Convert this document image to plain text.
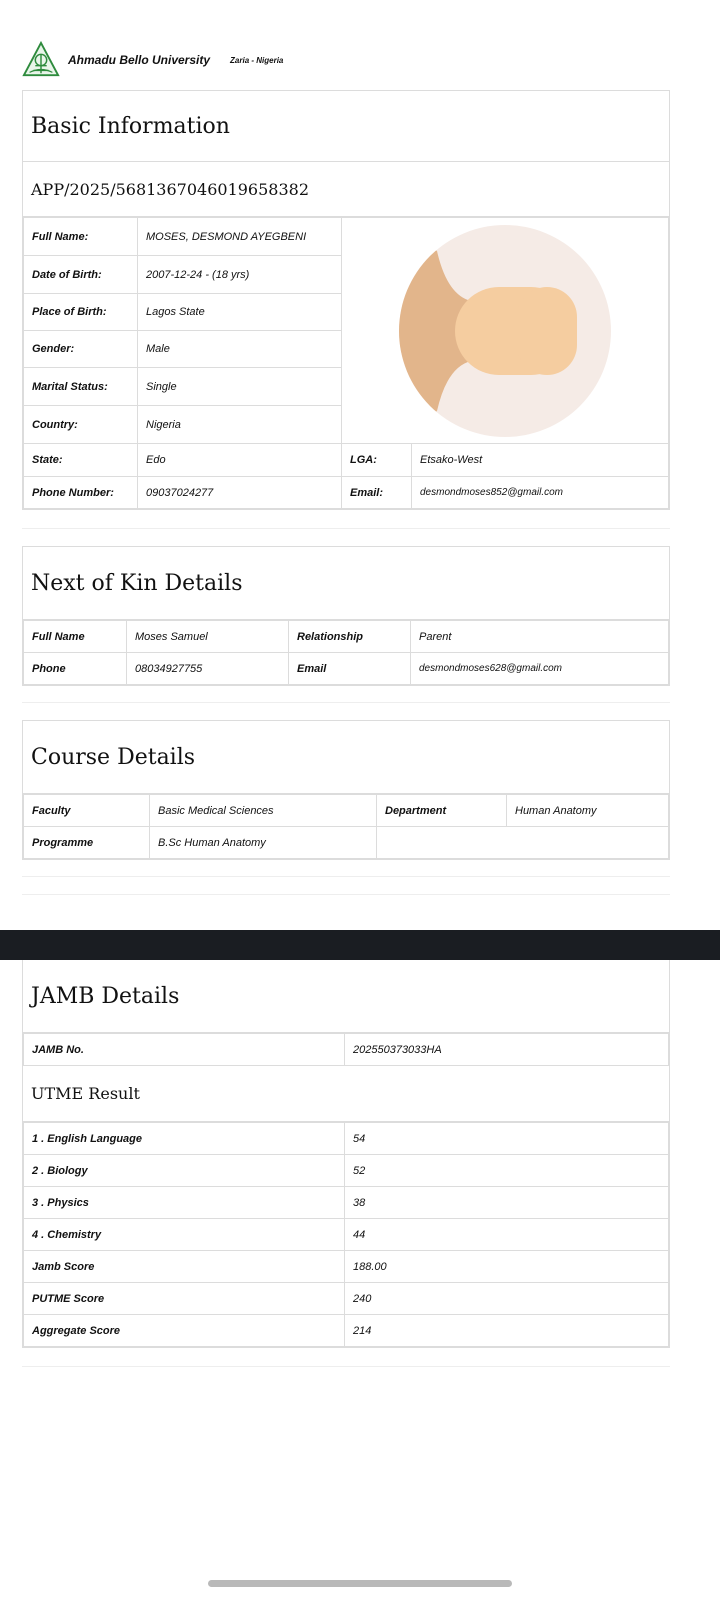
Ahmadu Bello University	Zaria - Nigeria
Basic Information
APP/2025/5681367046019658382
Full Name:	MOSES, DESMOND AYEGBENI	

Date of Birth:	2007-12-24 - (18 yrs)		
Place of Birth:	Lagos State		
Gender:	Male		
Marital Status:	Single		
Country:	Nigeria		
State:	Edo	LGA:	Etsako-West
Phone Number:	09037024277	Email:	desmondmoses852@gmail.com
Next of Kin Details
Full Name	Moses Samuel	Relationship	Parent
Phone	08034927755	Email	desmondmoses628@gmail.com
Course Details
Faculty	Basic Medical Sciences	Department	Human Anatomy
Programme	B.Sc Human Anatomy		
JAMB Details
JAMB No.	202550373033HA
UTME Result
1 . English Language	54
2 . Biology	52
3 . Physics	38
4 . Chemistry	44
Jamb Score	188.00
PUTME Score	240
Aggregate Score	214
